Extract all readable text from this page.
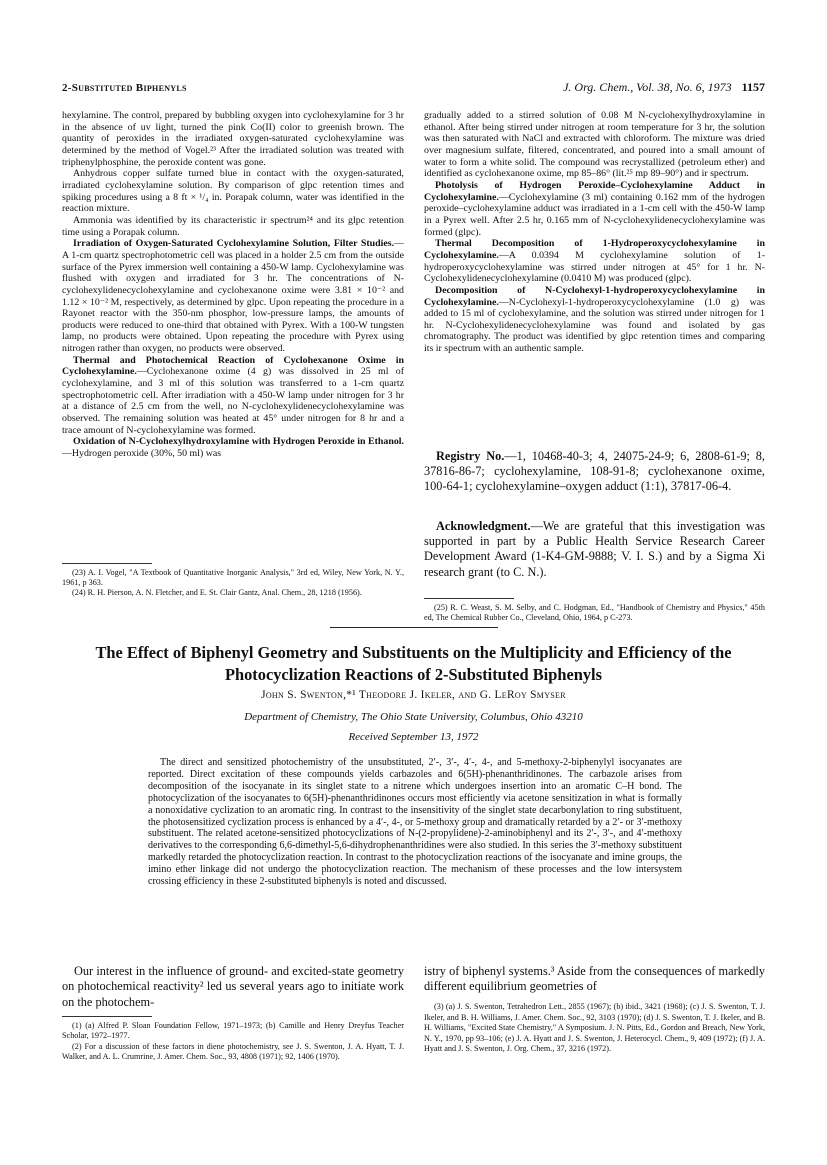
2-Substituted Biphenyls	J. Org. Chem., Vol. 38, No. 6, 1973 1157

hexylamine. The control, prepared by bubbling oxygen into cyclohexylamine for 3 hr in the absence of uv light, turned the pink Co(II) color to greenish brown. The quantity of peroxides in the irradiated oxygen-saturated cyclohexylamine was determined by the method of Vogel.²³ After the irradiated solution was treated with triphenylphosphine, the peroxide content was gone.

Anhydrous copper sulfate turned blue in contact with the oxygen-saturated, irradiated cyclohexylamine solution. By comparison of glpc retention times and spiking procedures using a 8 ft × ¹/₄ in. Porapak column, water was identified in the reaction mixture.

Ammonia was identified by its characteristic ir spectrum²⁴ and its glpc retention time using a Porapak column.

Irradiation of Oxygen-Saturated Cyclohexylamine Solution, Filter Studies.—A 1-cm quartz spectrophotometric cell was placed in a holder 2.5 cm from the outside surface of the Pyrex immersion well containing a 450-W lamp. Cyclohexylamine was flushed with oxygen and irradiated for 3 hr. The concentrations of N-cyclohexylidenecyclohexylamine and cyclohexanone oxime were 3.81 × 10⁻² and 1.12 × 10⁻² M, respectively, as determined by glpc. Upon repeating the procedure in a Rayonet reactor with the 350-nm phosphor, low-pressure lamps, the amounts of products were reduced to one-third that obtained with Pyrex. With a 100-W tungsten lamp, no products were obtained. Upon repeating the procedure with Pyrex using nitrogen rather than oxygen, no products were observed.

Thermal and Photochemical Reaction of Cyclohexanone Oxime in Cyclohexylamine.—Cyclohexanone oxime (4 g) was dissolved in 25 ml of cyclohexylamine, and 3 ml of this solution was transferred to a 1-cm quartz spectrophotometric cell. After irradiation with a 450-W lamp under nitrogen for 3 hr at a distance of 2.5 cm from the well, no N-cyclohexylidenecyclohexylamine was observed. The remaining solution was heated at 45° under nitrogen for 8 hr and a trace amount of N-cyclohexylamine was formed.

Oxidation of N-Cyclohexylhydroxylamine with Hydrogen Peroxide in Ethanol.—Hydrogen peroxide (30%, 50 ml) was

(23) A. I. Vogel, "A Textbook of Quantitative Inorganic Analysis," 3rd ed, Wiley, New York, N. Y., 1961, p 363.

(24) R. H. Pierson, A. N. Fletcher, and E. St. Clair Gantz, Anal. Chem., 28, 1218 (1956).

gradually added to a stirred solution of 0.08 M N-cyclohexylhydroxylamine in ethanol. After being stirred under nitrogen at room temperature for 3 hr, the solution was then saturated with NaCl and extracted with chloroform. The mixture was dried over magnesium sulfate, filtered, concentrated, and poured into a small amount of water to form a white solid. The compound was recrystallized (petroleum ether) and identified as cyclohexanone oxime, mp 85–86° (lit.²⁵ mp 89–90°) and ir spectrum.

Photolysis of Hydrogen Peroxide–Cyclohexylamine Adduct in Cyclohexylamine.—Cyclohexylamine (3 ml) containing 0.162 mm of the hydrogen peroxide–cyclohexylamine adduct was irradiated in a 1-cm cell with the 450-W lamp in a Pyrex well. After 2.5 hr, 0.165 mm of N-cyclohexylidenecyclohexylamine was formed (glpc).

Thermal Decomposition of 1-Hydroperoxycyclohexylamine in Cyclohexylamine.—A 0.0394 M cyclohexylamine solution of 1-hydroperoxycyclohexylamine was stirred under nitrogen at 45° for 1 hr. N-Cyclohexylidenecyclohexylamine (0.0410 M) was produced (glpc).

Decomposition of N-Cyclohexyl-1-hydroperoxycyclohexylamine in Cyclohexylamine.—N-Cyclohexyl-1-hydroperoxycyclohexylamine (1.0 g) was added to 15 ml of cyclohexylamine, and the solution was stirred under nitrogen for 1 hr. N-Cyclohexylidenecyclohexylamine was found and isolated by gas chromatography. The product was identified by glpc retention times and comparing its ir spectrum with an authentic sample.

Registry No.—1, 10468-40-3; 4, 24075-24-9; 6, 2808-61-9; 8, 37816-86-7; cyclohexylamine, 108-91-8; cyclohexanone oxime, 100-64-1; cyclohexylamine–oxygen adduct (1:1), 37817-06-4.

Acknowledgment.—We are grateful that this investigation was supported in part by a Public Health Service Research Career Development Award (1-K4-GM-9888; V. I. S.) and by a Sigma Xi research grant (to C. N.).

(25) R. C. Weast, S. M. Selby, and C. Hodgman, Ed., "Handbook of Chemistry and Physics," 45th ed, The Chemical Rubber Co., Cleveland, Ohio, 1964, p C-273.

The Effect of Biphenyl Geometry and Substituents on the Multiplicity and Efficiency of the Photocyclization Reactions of 2-Substituted Biphenyls
John S. Swenton,*¹ Theodore J. Ikeler, and G. LeRoy Smyser
Department of Chemistry, The Ohio State University, Columbus, Ohio 43210
Received September 13, 1972

The direct and sensitized photochemistry of the unsubstituted, 2′-, 3′-, 4′-, 4-, and 5-methoxy-2-biphenylyl isocyanates are reported. Direct excitation of these compounds yields carbazoles and 6(5H)-phenanthridinones. The carbazole arises from decomposition of the isocyanate in its singlet state to a nitrene which undergoes insertion into an aromatic C–H bond. The photocyclization of the isocyanates to 6(5H)-phenanthridinones occurs most efficiently via acetone sensitization in what is formally a nonoxidative cyclization to an aromatic ring. In contrast to the insensitivity of the singlet state decarbonylation to ring substituent, the photosensitized cyclization process is enhanced by a 4′-, 4-, or 5-methoxy group and dramatically retarded by a 2′- or 3′-methoxy substituent. The related acetone-sensitized photocyclizations of N-(2-propylidene)-2-aminobiphenyl and its 2′-, 3′-, and 4′-methoxy derivatives to the corresponding 6,6-dimethyl-5,6-dihydrophenanthridines were also studied. In this series the 3′-methoxy substituent markedly retarded the photocyclization reaction. In contrast to the photocyclization reactions of the isocyanate and imine groups, the imino ether linkage did not undergo the photocyclization reaction. The mechanism of these processes and the low intersystem crossing efficiency in these 2-substituted biphenyls is noted and discussed.

Our interest in the influence of ground- and excited-state geometry on photochemical reactivity² led us several years ago to initiate work on the photochem-

istry of biphenyl systems.³ Aside from the consequences of markedly different equilibrium geometries of

(1) (a) Alfred P. Sloan Foundation Fellow, 1971–1973; (b) Camille and Henry Dreyfus Teacher Scholar, 1972–1977.

(2) For a discussion of these factors in diene photochemistry, see J. S. Swenton, J. A. Hyatt, T. J. Walker, and A. L. Crumrine, J. Amer. Chem. Soc., 93, 4808 (1971); 92, 1406 (1970).

(3) (a) J. S. Swenton, Tetrahedron Lett., 2855 (1967); (b) ibid., 3421 (1968); (c) J. S. Swenton, T. J. Ikeler, and B. H. Williams, J. Amer. Chem. Soc., 92, 3103 (1970); (d) J. S. Swenton, T. J. Ikeler, and B. H. Williams, "Excited State Chemistry," A Symposium. J. N. Pitts, Ed., Gordon and Breach, New York, N. Y., 1970, pp 93–106; (e) J. A. Hyatt and J. S. Swenton, J. Heterocycl. Chem., 9, 409 (1972); (f) J. A. Hyatt and J. S. Swenton, J. Org. Chem., 37, 3216 (1972).
